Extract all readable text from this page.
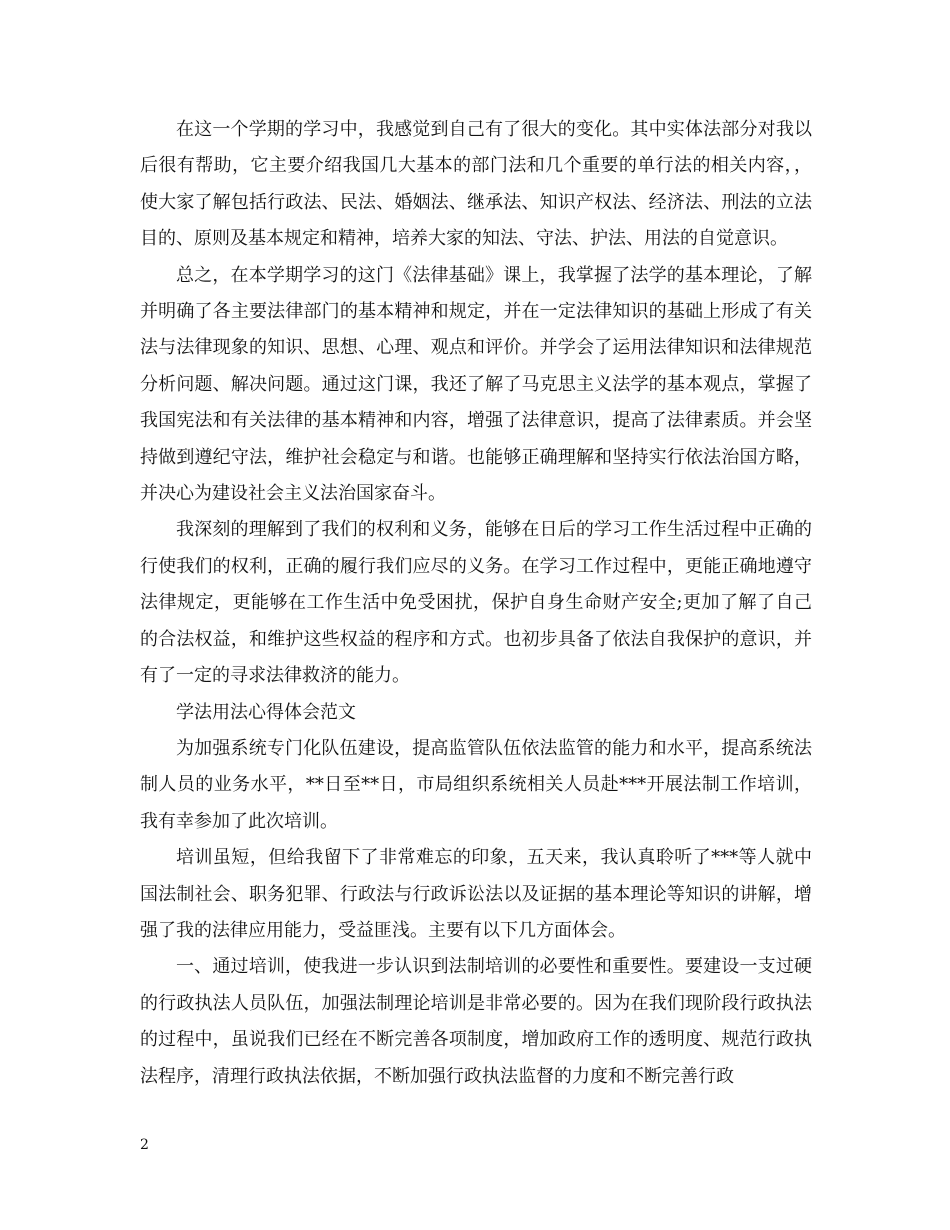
在这一个学期的学习中，我感觉到自己有了很大的变化。其中实体法部分对我以后很有帮助，它主要介绍我国几大基本的部门法和几个重要的单行法的相关内容，，使大家了解包括行政法、民法、婚姻法、继承法、知识产权法、经济法、刑法的立法目的、原则及基本规定和精神，培养大家的知法、守法、护法、用法的自觉意识。

总之，在本学期学习的这门《法律基础》课上，我掌握了法学的基本理论，了解并明确了各主要法律部门的基本精神和规定，并在一定法律知识的基础上形成了有关法与法律现象的知识、思想、心理、观点和评价。并学会了运用法律知识和法律规范分析问题、解决问题。通过这门课，我还了解了马克思主义法学的基本观点，掌握了我国宪法和有关法律的基本精神和内容，增强了法律意识，提高了法律素质。并会坚持做到遵纪守法，维护社会稳定与和谐。也能够正确理解和坚持实行依法治国方略，并决心为建设社会主义法治国家奋斗。

我深刻的理解到了我们的权利和义务，能够在日后的学习工作生活过程中正确的行使我们的权利，正确的履行我们应尽的义务。在学习工作过程中，更能正确地遵守法律规定，更能够在工作生活中免受困扰，保护自身生命财产安全;更加了解了自己的合法权益，和维护这些权益的程序和方式。也初步具备了依法自我保护的意识，并有了一定的寻求法律救济的能力。

学法用法心得体会范文

为加强系统专门化队伍建设，提高监管队伍依法监管的能力和水平，提高系统法制人员的业务水平，**日至**日，市局组织系统相关人员赴***开展法制工作培训，我有幸参加了此次培训。

培训虽短，但给我留下了非常难忘的印象，五天来，我认真聆听了***等人就中国法制社会、职务犯罪、行政法与行政诉讼法以及证据的基本理论等知识的讲解，增强了我的法律应用能力，受益匪浅。主要有以下几方面体会。

一、通过培训，使我进一步认识到法制培训的必要性和重要性。要建设一支过硬的行政执法人员队伍，加强法制理论培训是非常必要的。因为在我们现阶段行政执法的过程中，虽说我们已经在不断完善各项制度，增加政府工作的透明度、规范行政执法程序，清理行政执法依据，不断加强行政执法监督的力度和不断完善行政

2
